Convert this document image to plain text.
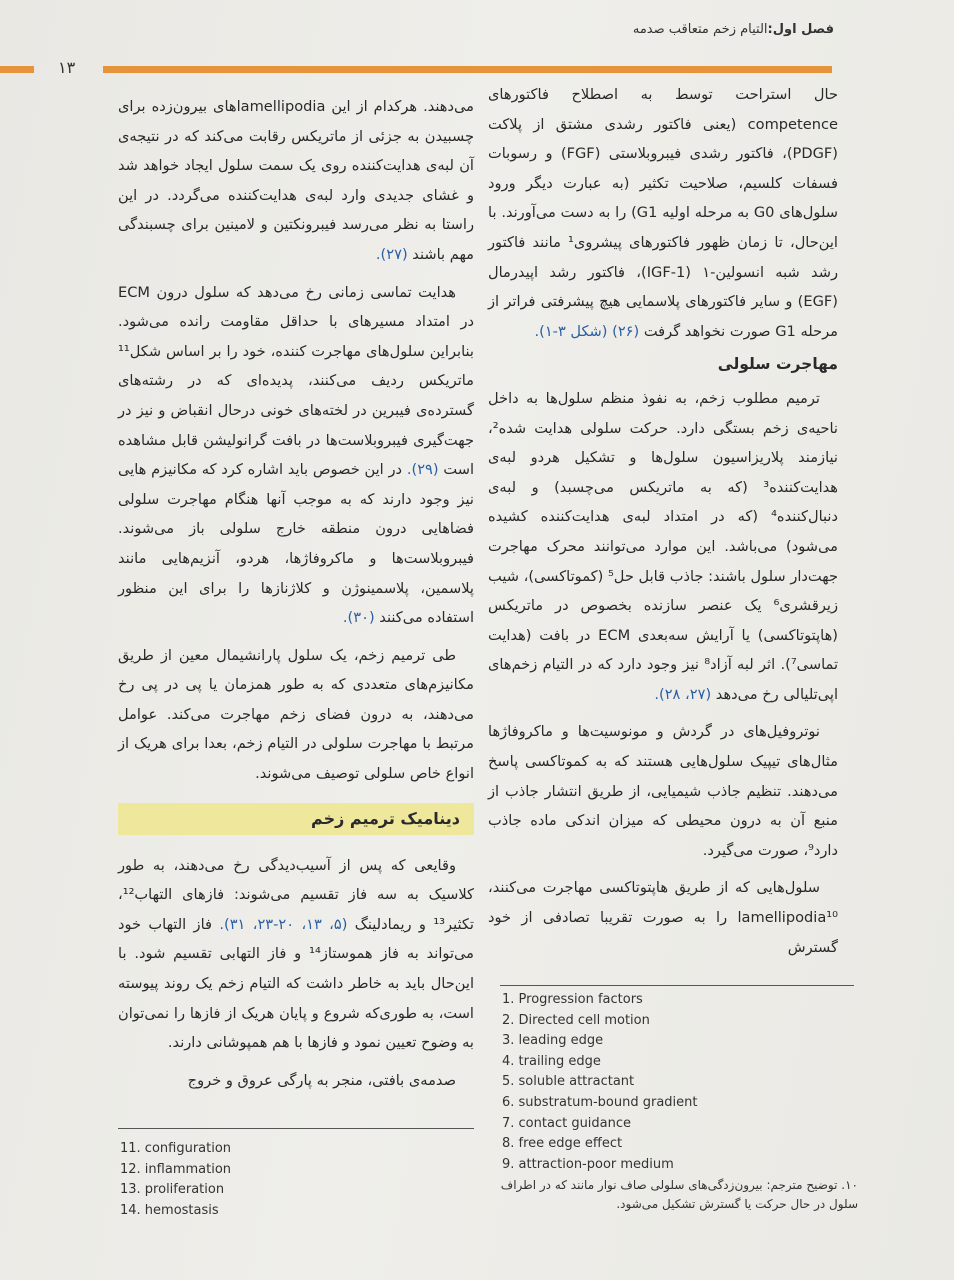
فصل اول:التیام زخم متعاقب صدمه
۱۳

حال استراحت توسط به اصطلاح فاکتورهای competence (یعنی فاکتور رشدی مشتق از پلاکت (PDGF)، فاکتور رشدی فیبروبلاستی (FGF) و رسوبات فسفات کلسیم، صلاحیت تکثیر (به عبارت دیگر ورود سلول‌های G0 به مرحله اولیه G1) را به دست می‌آورند. با این‌حال، تا زمان ظهور فاکتورهای پیشروی¹ مانند فاکتور رشد شبه انسولین-۱ (IGF-1)، فاکتور رشد اپیدرمال (EGF) و سایر فاکتورهای پلاسمایی هیچ پیشرفتی فراتر از مرحله G1 صورت نخواهد گرفت (۲۶) (شکل ۳-۱).

مهاجرت سلولی

ترمیم مطلوب زخم، به نفوذ منظم سلول‌ها به داخل ناحیه‌ی زخم بستگی دارد. حرکت سلولی هدایت شده²، نیازمند پلاریزاسیون سلول‌ها و تشکیل هردو لبه‌ی هدایت‌کننده³ (که به ماتریکس می‌چسبد) و لبه‌ی دنبال‌کننده⁴ (که در امتداد لبه‌ی هدایت‌کننده کشیده می‌شود) می‌باشد. این موارد می‌توانند محرک مهاجرت جهت‌دار سلول باشند: جاذب قابل حل⁵ (کموتاکسی)، شیب زیرقشری⁶ یک عنصر سازنده بخصوص در ماتریکس (هاپتوتاکسی) یا آرایش سه‌بعدی ECM در بافت (هدایت تماسی⁷). اثر لبه آزاد⁸ نیز وجود دارد که در التیام زخم‌های اپی‌تلیالی رخ می‌دهد (۲۷، ۲۸).

نوتروفیل‌های در گردش و مونوسیت‌ها و ماکروفاژها مثال‌های تیپیک سلول‌هایی هستند که به کموتاکسی پاسخ می‌دهند. تنظیم جاذب شیمیایی، از طریق انتشار جاذب از منبع آن به درون محیطی که میزان اندکی ماده جاذب دارد⁹، صورت می‌گیرد.

سلول‌هایی که از طریق هاپتوتاکسی مهاجرت می‌کنند، lamellipodia¹⁰ را به صورت تقریبا تصادفی از خود گسترش

می‌دهند. هرکدام از این lamellipodiaهای بیرون‌زده برای چسبیدن به جزئی از ماتریکس رقابت می‌کند که در نتیجه‌ی آن لبه‌ی هدایت‌کننده روی یک سمت سلول ایجاد خواهد شد و غشای جدیدی وارد لبه‌ی هدایت‌کننده می‌گردد. در این راستا به نظر می‌رسد فیبرونکتین و لامینین برای چسبندگی مهم باشند (۲۷).

هدایت تماسی زمانی رخ می‌دهد که سلول درون ECM در امتداد مسیرهای با حداقل مقاومت رانده می‌شود. بنابراین سلول‌های مهاجرت کننده، خود را بر اساس شکل¹¹ ماتریکس ردیف می‌کنند، پدیده‌ای که در رشته‌های گسترده‌ی فیبرین در لخته‌های خونی درحال انقباض و نیز در جهت‌گیری فیبروبلاست‌ها در بافت گرانولیشن قابل مشاهده است (۲۹). در این خصوص باید اشاره کرد که مکانیزم هایی نیز وجود دارند که به موجب آنها هنگام مهاجرت سلولی فضاهایی درون منطقه خارج سلولی باز می‌شوند. فیبروبلاست‌ها و ماکروفاژها، هردو، آنزیم‌هایی مانند پلاسمین، پلاسمینوژن و کلاژنازها را برای این منظور استفاده می‌کنند (۳۰).

طی ترمیم زخم، یک سلول پارانشیمال معین از طریق مکانیزم‌های متعددی که به طور همزمان یا پی در پی رخ می‌دهند، به درون فضای زخم مهاجرت می‌کند. عوامل مرتبط با مهاجرت سلولی در التیام زخم، بعدا برای هریک از انواع خاص سلولی توصیف می‌شوند.

دینامیک ترمیم زخم

وقایعی که پس از آسیب‌دیدگی رخ می‌دهند، به طور کلاسیک به سه فاز تقسیم می‌شوند: فازهای التهاب¹²، تکثیر¹³ و ریمادلینگ (۵، ۱۳، ۲۰-۲۳، ۳۱). فاز التهاب خود می‌تواند به فاز هموستاز¹⁴ و فاز التهابی تقسیم شود. با این‌حال باید به خاطر داشت که التیام زخم یک روند پیوسته است، به طوری‌که شروع و پایان هریک از فازها را نمی‌توان به وضوح تعیین نمود و فازها با هم همپوشانی دارند.

صدمه‌ی بافتی، منجر به پارگی عروق و خروج

1. Progression factors
2. Directed cell motion
3. leading edge
4. trailing edge
5. soluble attractant
6. substratum-bound gradient
7. contact guidance
8. free edge effect
9. attraction-poor medium
۱۰. توضیح مترجم: بیرون‌زدگی‌های سلولی صاف نوار مانند که در اطراف سلول در حال حرکت یا گسترش تشکیل می‌شود.
11. configuration
12. inflammation
13. proliferation
14. hemostasis
